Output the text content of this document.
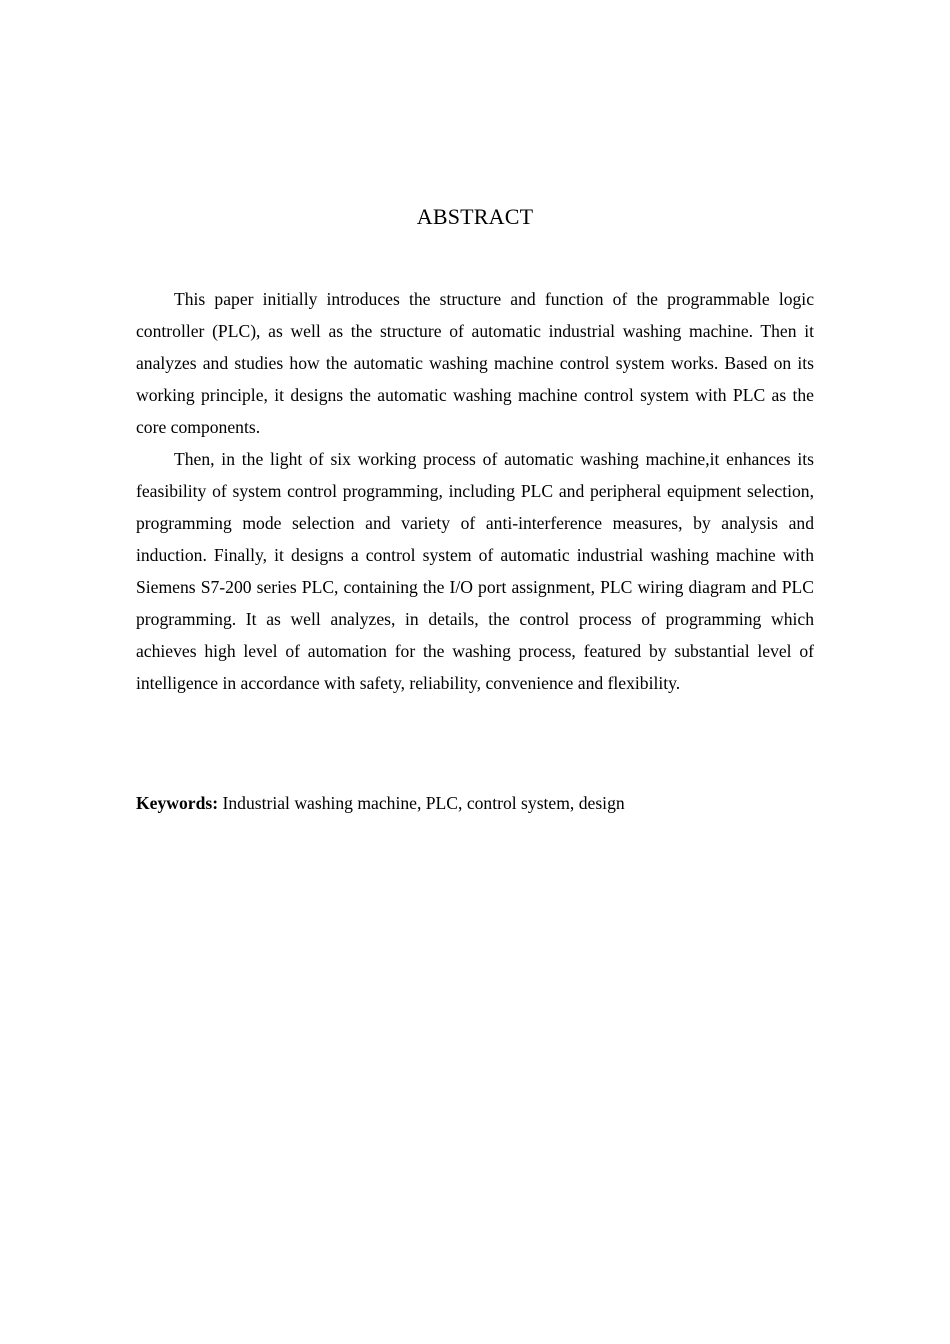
ABSTRACT

This paper initially introduces the structure and function of the programmable logic controller (PLC), as well as the structure of automatic industrial washing machine. Then it analyzes and studies how the automatic washing machine control system works. Based on its working principle, it designs the automatic washing machine control system with PLC as the core components.

Then, in the light of six working process of automatic washing machine,it enhances its feasibility of system control programming, including PLC and peripheral equipment selection, programming mode selection and variety of anti-interference measures, by analysis and induction. Finally, it designs a control system of automatic industrial washing machine with Siemens S7-200 series PLC, containing the I/O port assignment, PLC wiring diagram and PLC programming. It as well analyzes, in details, the control process of programming which achieves high level of automation for the washing process, featured by substantial level of intelligence in accordance with safety, reliability, convenience and flexibility.

Keywords: Industrial washing machine, PLC, control system, design
